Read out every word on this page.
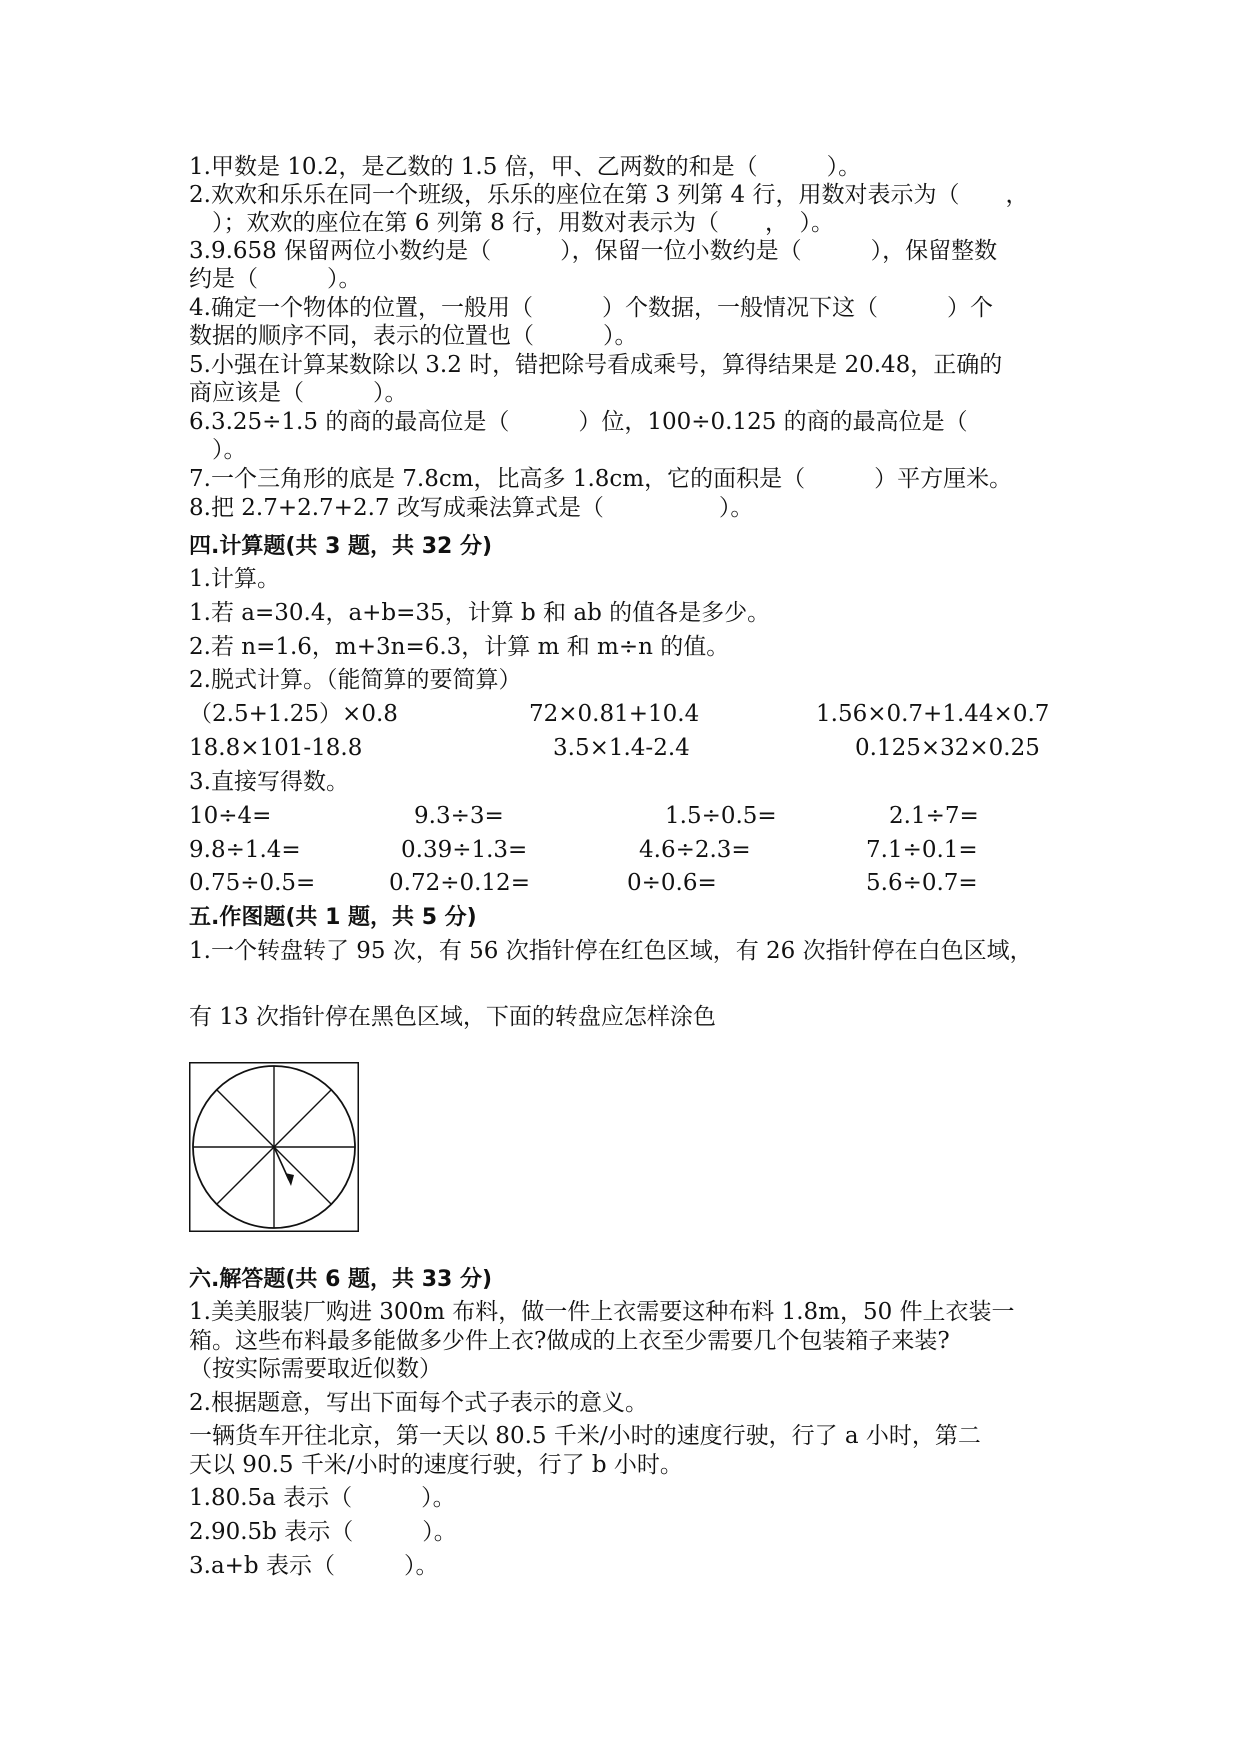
1.甲数是 10.2，是乙数的 1.5 倍，甲、乙两数的和是（　　　）。
2.欢欢和乐乐在同一个班级，乐乐的座位在第 3 列第 4 行，用数对表示为（　　，
　）；欢欢的座位在第 6 列第 8 行，用数对表示为（　　，　）。
3.9.658 保留两位小数约是（　　　），保留一位小数约是（　　　），保留整数
约是（　　　）。
4.确定一个物体的位置，一般用（　　　）个数据，一般情况下这（　　　）个
数据的顺序不同，表示的位置也（　　　）。
5.小强在计算某数除以 3.2 时，错把除号看成乘号，算得结果是 20.48，正确的
商应该是（　　　）。
6.3.25÷1.5 的商的最高位是（　　　）位，100÷0.125 的商的最高位是（
　）。
7.一个三角形的底是 7.8cm，比高多 1.8cm，它的面积是（　　　）平方厘米。
8.把 2.7+2.7+2.7 改写成乘法算式是（　　　　　）。
四.计算题(共 3 题，共 32 分)
1.计算。
1.若 a=30.4，a+b=35，计算 b 和 ab 的值各是多少。
2.若 n=1.6，m+3n=6.3，计算 m 和 m÷n 的值。
2.脱式计算。（能简算的要简算）
（2.5+1.25）×0.8	72×0.81+10.4	1.56×0.7+1.44×0.7
18.8×101-18.8	3.5×1.4-2.4	0.125×32×0.25
3.直接写得数。
10÷4=	9.3÷3=	1.5÷0.5=	2.1÷7=
9.8÷1.4=	0.39÷1.3=	4.6÷2.3=	7.1÷0.1=
0.75÷0.5=	0.72÷0.12=	0÷0.6=	5.6÷0.7=
五.作图题(共 1 题，共 5 分)
1.一个转盘转了 95 次，有 56 次指针停在红色区域，有 26 次指针停在白色区域，
有 13 次指针停在黑色区域，下面的转盘应怎样涂色
六.解答题(共 6 题，共 33 分)
1.美美服装厂购进 300m 布料，做一件上衣需要这种布料 1.8m，50 件上衣装一
箱。这些布料最多能做多少件上衣?做成的上衣至少需要几个包装箱子来装?
（按实际需要取近似数）
2.根据题意，写出下面每个式子表示的意义。
一辆货车开往北京，第一天以 80.5 千米/小时的速度行驶，行了 a 小时，第二
天以 90.5 千米/小时的速度行驶，行了 b 小时。
1.80.5a 表示（　　　）。
2.90.5b 表示（　　　）。
3.a+b 表示（　　　）。
